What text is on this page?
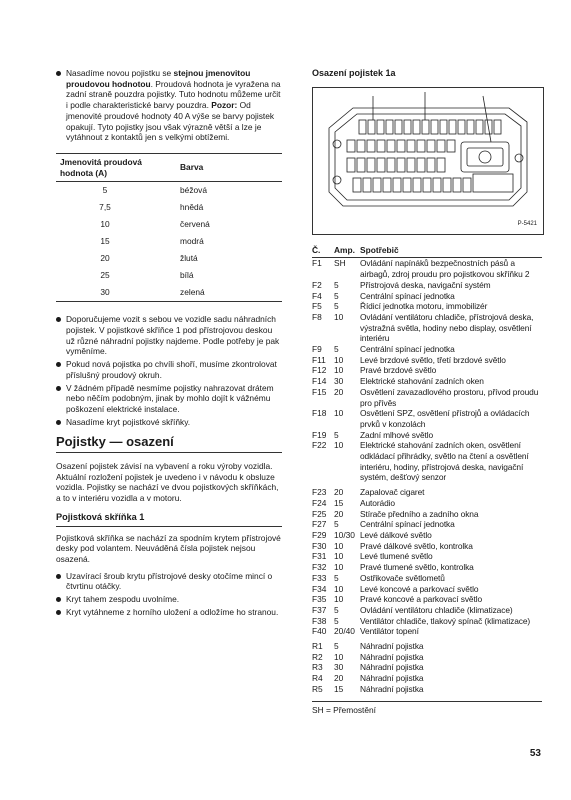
Nasadíme novou pojistku se stejnou jmenovitou proudovou hodnotou. Proudová hodnota je vyražena na zadní straně pouzdra pojistky. Tuto hodnotu můžeme určit i podle charakteristické barvy pouzdra. Pozor: Od jmenovité proudové hodnoty 40 A výše se barvy pojistek opakují. Tyto pojistky jsou však výrazně větší a lze je vytáhnout z kontaktů jen s velkými obtížemi.
Jmenovitá proudová hodnota (A)	Barva
5	béžová
7,5	hnědá
10	červená
15	modrá
20	žlutá
25	bílá
30	zelená
Doporučujeme vozit s sebou ve vozidle sadu náhradních pojistek. V pojistkové skříňce 1 pod přístrojovou deskou už různé náhradní pojistky najdeme. Podle potřeby je pak vyměníme.
Pokud nová pojistka po chvíli shoří, musíme zkontrolovat příslušný proudový okruh.
V žádném případě nesmíme pojistky nahrazovat drátem nebo něčím podobným, jinak by mohlo dojít k vážnému poškození elektrické instalace.
Nasadíme kryt pojistkové skříňky.
Pojistky — osazení
Osazení pojistek závisí na vybavení a roku výroby vozidla. Aktuální rozložení pojistek je uvedeno i v návodu k obsluze vozidla. Pojistky se nachází ve dvou pojistkových skříňkách, a to v interiéru vozidla a v motoru.
Pojistková skříňka 1
Pojistková skříňka se nachází za spodním krytem přístrojové desky pod volantem. Neuváděná čísla pojistek nejsou osazená.
Uzavírací šroub krytu přístrojové desky otočíme mincí o čtvrtinu otáčky.
Kryt tahem zespodu uvolníme.
Kryt vytáhneme z horního uložení a odložíme ho stranou.
Osazení pojistek 1a
P-5421
Č.	Amp. Spotřebič
F1	SH	Ovládání napínáků bezpečnostních pásů a airbagů, zdroj proudu pro pojistkovou skříňku 2
F2	5	Přístrojová deska, navigační systém
F4	5	Centrální spínací jednotka
F5	5	Řídicí jednotka motoru, immobilizér
F8	10	Ovládání ventilátoru chladiče, přístrojová deska, výstražná světla, hodiny nebo display, osvětlení interiéru
F9	5	Centrální spínací jednotka
F11 10	Levé brzdové světlo, třetí brzdové světlo
F12 10	Pravé brzdové světlo
F14 30	Elektrické stahování zadních oken
F15 20	Osvětlení zavazadlového prostoru, přívod proudu pro přívěs
F18 10	Osvětlení SPZ, osvětlení přístrojů a ovládacích prvků v konzolách
F19 5	Zadní mlhové světlo
F22 10	Elektrické stahování zadních oken, osvětlení odkládací přihrádky, světlo na čtení a osvětlení interiéru, hodiny, přístrojová deska, navigační systém, dešťový senzor
F23 20	Zapalovač cigaret
F24 15	Autorádio
F25 20	Stírače předního a zadního okna
F27 5	Centrální spínací jednotka
F29 10/30 Levé dálkové světlo
F30 10	Pravé dálkové světlo, kontrolka
F31 10	Levé tlumené světlo
F32 10	Pravé tlumené světlo, kontrolka
F33 5	Ostřikovače světlometů
F34 10	Levé koncové a parkovací světlo
F35 10	Pravé koncové a parkovací světlo
F37 5	Ovládání ventilátoru chladiče (klimatizace)
F38 5	Ventilátor chladiče, tlakový spínač (klimatizace)
F40 20/40 Ventilátor topení
R1	5	Náhradní pojistka
R2	10	Náhradní pojistka
R3	30	Náhradní pojistka
R4	20	Náhradní pojistka
R5	15	Náhradní pojistka
SH = Přemostění
53
